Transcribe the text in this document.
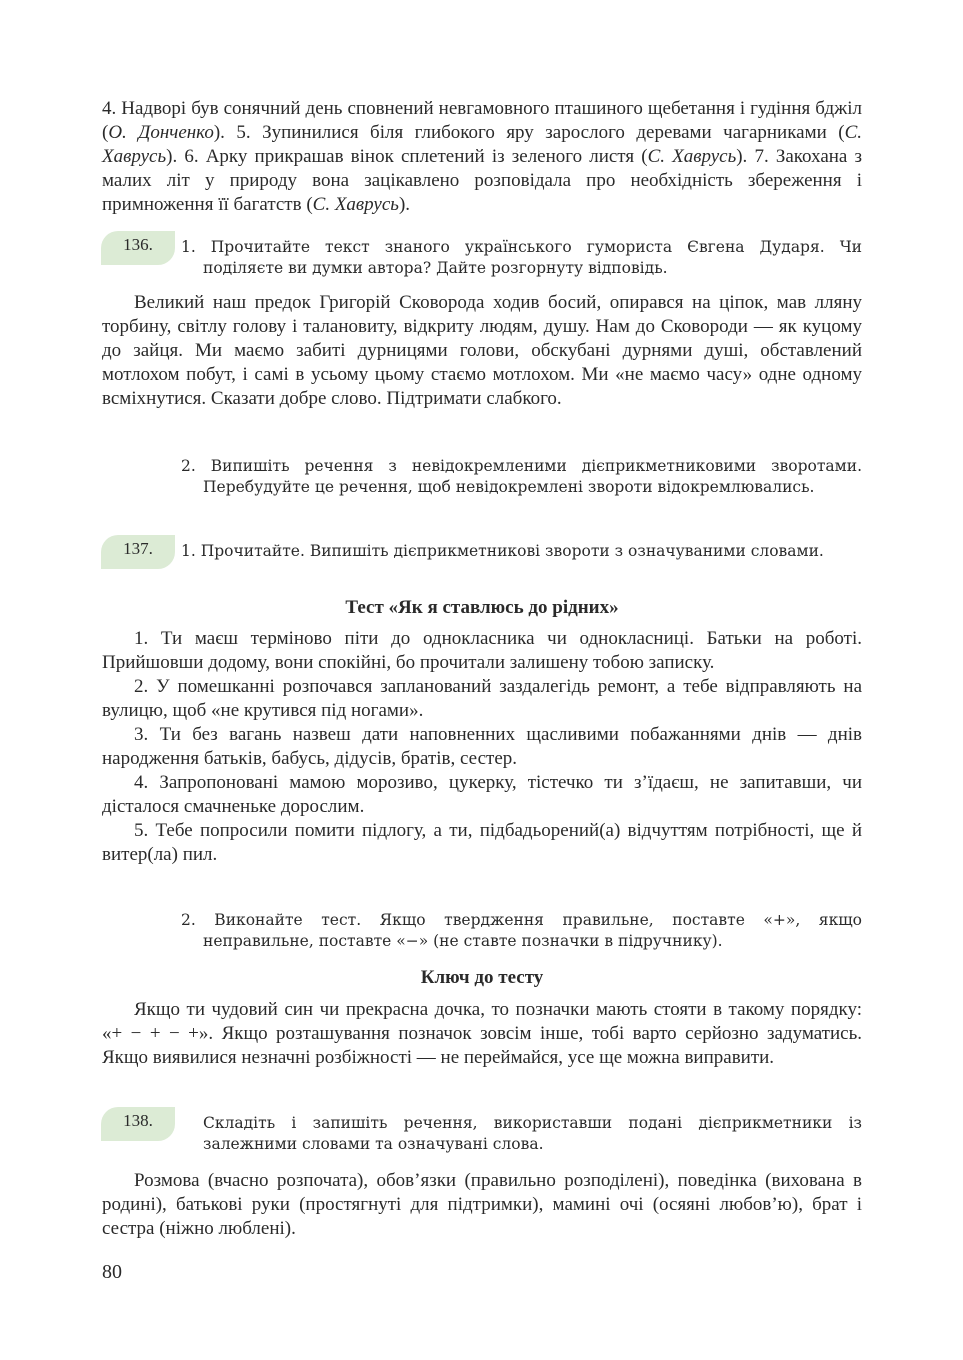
4. Надворі був сонячний день сповнений невгамовного пташиного щебетання і гудіння бджіл (О. Донченко). 5. Зупинилися біля глибокого яру зарослого деревами чагарниками (С. Хаврусь). 6. Арку прикрашав вінок сплетений із зеленого листя (С. Хаврусь). 7. Закохана з малих літ у природу вона зацікавлено розповідала про необхідність збереження і примноження її багатств (С. Хаврусь).

136.	1. Прочитайте текст знаного українського гумориста Євгена Дударя. Чи поділяєте ви думки автора? Дайте розгорнуту відповідь.

Великий наш предок Григорій Сковорода ходив босий, опирався на ціпок, мав лляну торбину, світлу голову і талановиту, відкриту людям, душу. Нам до Сковороди — як куцому до зайця. Ми маємо забиті дурницями голови, обскубані дурнями душі, обставлений мотлохом побут, і самі в усьому цьому стаємо мотлохом. Ми «не маємо часу» одне одному всміхнутися. Сказати добре слово. Підтримати слабкого.

2. Випишіть речення з невідокремленими дієприкметниковими зворотами. Перебудуйте це речення, щоб невідокремлені звороти відокремлювались.
137.	1. Прочитайте. Випишіть дієприкметникові звороти з означуваними словами.
Тест «Як я ставлюсь до рідних»

1. Ти маєш терміново піти до однокласника чи однокласниці. Батьки на роботі. Прийшовши додому, вони спокійні, бо прочитали залишену тобою записку.

2. У помешканні розпочався запланований заздалегідь ремонт, а тебе відправляють на вулицю, щоб «не крутився під ногами».

3. Ти без вагань назвеш дати наповненних щасливими побажаннями днів — днів народження батьків, бабусь, дідусів, братів, сестер.

4. Запропоновані мамою морозиво, цукерку, тістечко ти з’їдаєш, не запитавши, чи дісталося смачненьке дорослим.

5. Тебе попросили помити підлогу, а ти, підбадьорений(а) відчуттям потрібності, ще й витер(ла) пил.

2. Виконайте тест. Якщо твердження правильне, поставте «+», якщо неправильне, поставте «−» (не ставте позначки в підручнику).
Ключ до тесту

Якщо ти чудовий син чи прекрасна дочка, то позначки мають стояти в такому порядку: «+ − + − +». Якщо розташування позначок зовсім інше, тобі варто серйозно задуматись. Якщо виявилися незначні розбіжності — не переймайся, усе ще можна виправити.

138.	Складіть і запишіть речення, використавши подані дієприкметники із залежними словами та означувані слова.

Розмова (вчасно розпочата), обов’язки (правильно розподілені), поведінка (вихована в родині), батькові руки (простягнуті для підтримки), мамині очі (осяяні любов’ю), брат і сестра (ніжно люблені).

80
